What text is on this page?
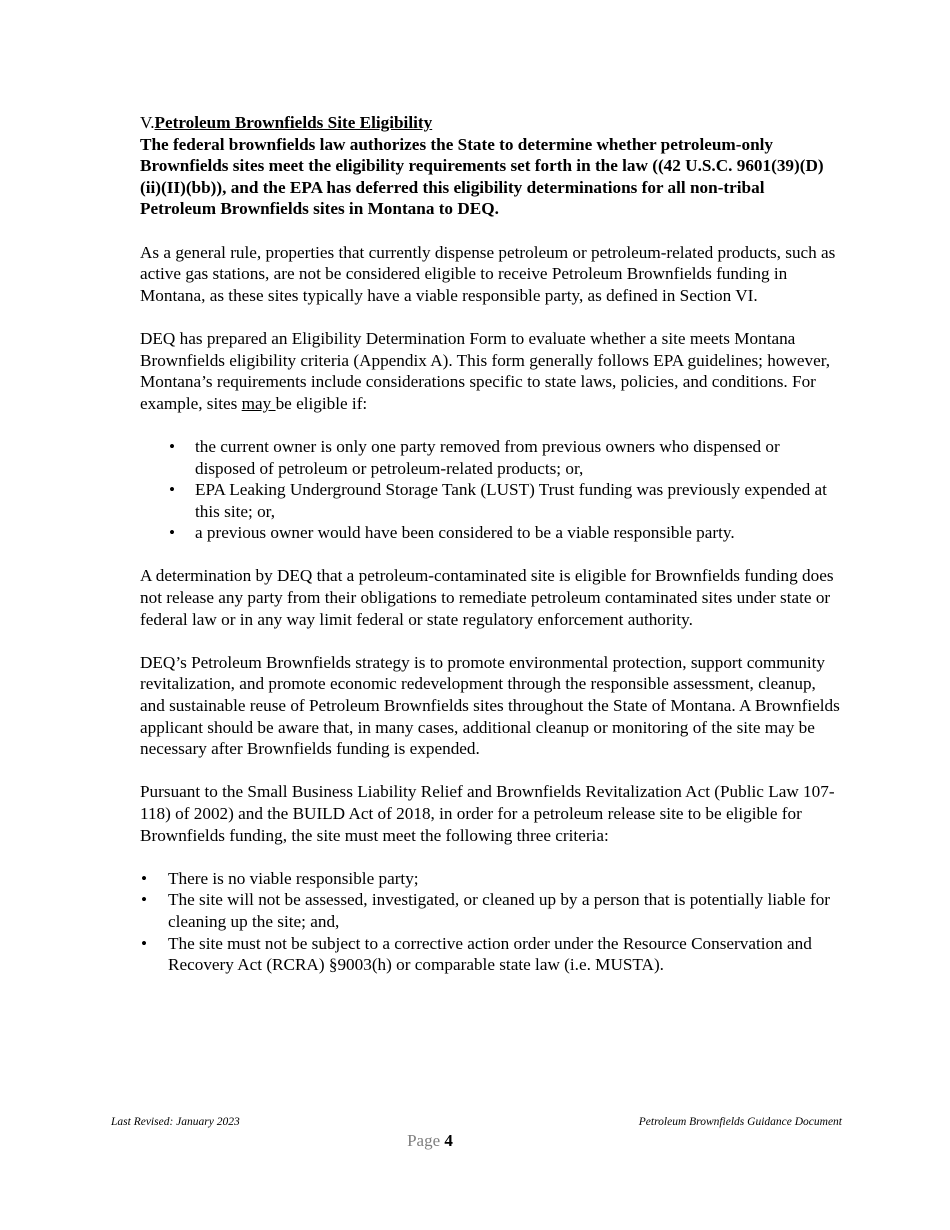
V.Petroleum Brownfields Site Eligibility

The federal brownfields law authorizes the State to determine whether petroleum-only Brownfields sites meet the eligibility requirements set forth in the law ((42 U.S.C. 9601(39)(D)(ii)(II)(bb)), and the EPA has deferred this eligibility determinations for all non-tribal Petroleum Brownfields sites in Montana to DEQ.

As a general rule, properties that currently dispense petroleum or petroleum-related products, such as active gas stations, are not be considered eligible to receive Petroleum Brownfields funding in Montana, as these sites typically have a viable responsible party, as defined in Section VI.

DEQ has prepared an Eligibility Determination Form to evaluate whether a site meets Montana Brownfields eligibility criteria (Appendix A). This form generally follows EPA guidelines; however, Montana’s requirements include considerations specific to state laws, policies, and conditions. For example, sites may be eligible if:

• the current owner is only one party removed from previous owners who dispensed or disposed of petroleum or petroleum-related products; or,
• EPA Leaking Underground Storage Tank (LUST) Trust funding was previously expended at this site; or,
• a previous owner would have been considered to be a viable responsible party.

A determination by DEQ that a petroleum-contaminated site is eligible for Brownfields funding does not release any party from their obligations to remediate petroleum contaminated sites under state or federal law or in any way limit federal or state regulatory enforcement authority.

DEQ’s Petroleum Brownfields strategy is to promote environmental protection, support community revitalization, and promote economic redevelopment through the responsible assessment, cleanup, and sustainable reuse of Petroleum Brownfields sites throughout the State of Montana. A Brownfields applicant should be aware that, in many cases, additional cleanup or monitoring of the site may be necessary after Brownfields funding is expended.

Pursuant to the Small Business Liability Relief and Brownfields Revitalization Act (Public Law 107-118) of 2002) and the BUILD Act of 2018, in order for a petroleum release site to be eligible for Brownfields funding, the site must meet the following three criteria:

• There is no viable responsible party;
• The site will not be assessed, investigated, or cleaned up by a person that is potentially liable for cleaning up the site; and,
• The site must not be subject to a corrective action order under the Resource Conservation and Recovery Act (RCRA) §9003(h) or comparable state law (i.e. MUSTA).
Last Revised: January 2023	Petroleum Brownfields Guidance Document
Page 4
